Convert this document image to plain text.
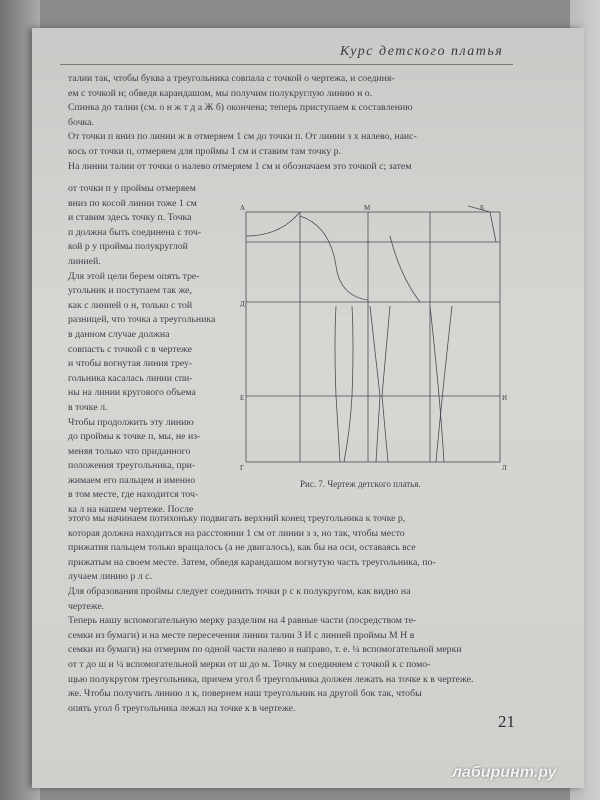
Курс детского платья
талии так, чтобы буква а треугольника совпала с точкой о чертежа, и соединя-
ем с точкой н; обведя карандашом, мы получим полукруглую линию н о.
Спинка до талии (см. о н ж т д а Ж б) окончена; теперь приступаем к составлению
бочка.
От точки п вниз по линии ж в отмеряем 1 см до точки п. От линии з х налево, наис-
кось от точки п, отмеряем для проймы 1 см и ставим там точку р.
На линии талии от точки о налево отмеряем 1 см и обозначаем это точкой с; затем
от точки п у проймы отмеряем
вниз по косой линии тоже 1 см
и ставим здесь точку п. Точка
п должна быть соединена с точ-
кой р у проймы полукруглой
линией.
Для этой цели берем опять тре-
угольник и поступаем так же,
как с линией о н, только с той
разницей, что точка а треугольника
в данном случае должна
совпасть с точкой с в чертеже
и чтобы вогнутая линия треу-
гольника касалась линии спи-
ны на линии кругового объема
в точке л.
Чтобы продолжить эту линию
до проймы к точке п, мы, не из-
меняя только что приданного
положения треугольника, при-
жимаем его пальцем и именно
в том месте, где находится точ-
ка л на нашем чертеже. После
этого мы начинаем потихоньку подвигать верхний конец треугольника к точке р,
которая должна находиться на расстоянии 1 см от линии з з, но так, чтобы место
прижатия пальцем только вращалось (а не двигалось), как бы на оси, оставаясь все
прижатым на своем месте. Затем, обведя карандашом вогнутую часть треугольника, по-
лучаем линию р л с.
Для образования проймы следует соединить точки р с к полукругом, как видно на
чертеже.
Теперь нашу вспомогательную мерку разделим на 4 равные части (посредством те-
семки из бумаги) и на месте пересечения линии талии З И с линией проймы М Н в
семки из бумаги) на отмерим по одной части налево и направо, т. е. ¼ вспомогательной мерки
от т до ш и ¼ вспомогательной мерки от ш до м. Точку м соединяем с точкой к с помо-
щью полукругом треугольника, причем угол б треугольника должен лежать на точке к в чертеже.
же. Чтобы получить линию л к, повернем наш треугольник на другой бок так, чтобы
опять угол б треугольника лежал на точке к в чертеже.
А
Д
Е
Г
М	Б
И
Л
Рис. 7. Чертеж детского платья.
21
лабиринт.ру
